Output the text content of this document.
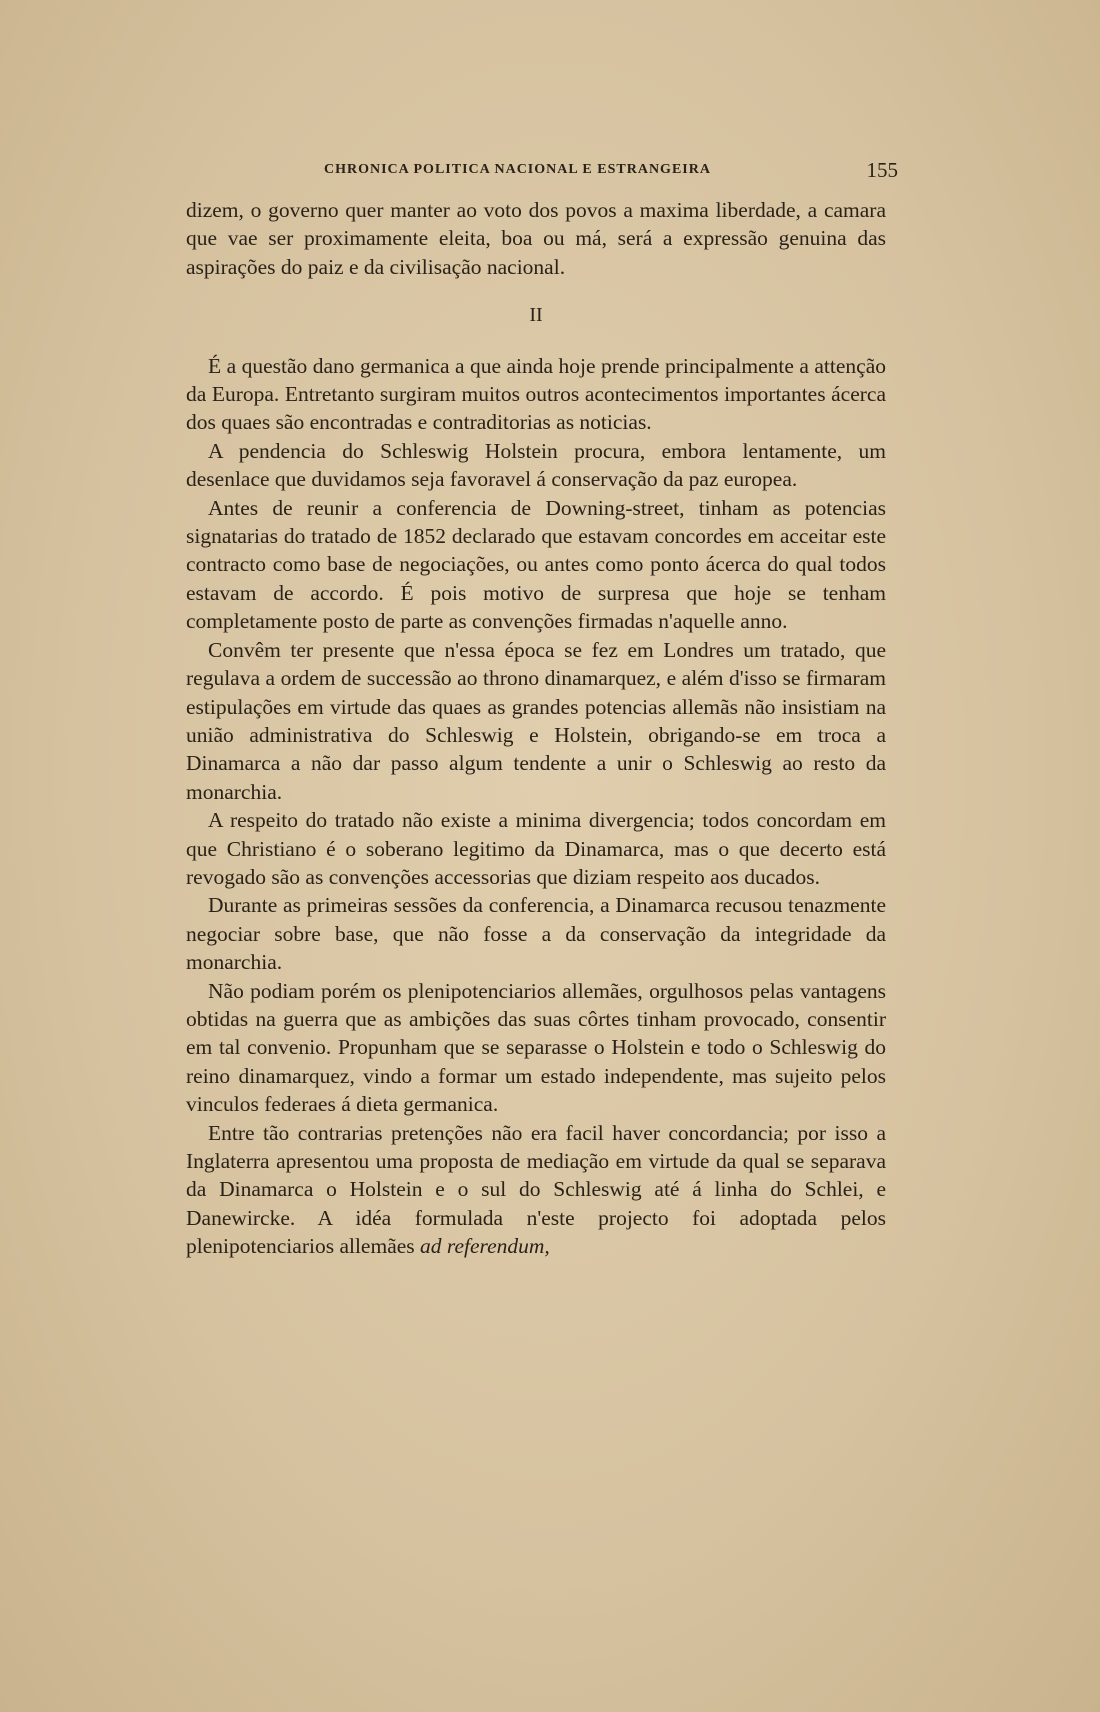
CHRONICA POLITICA NACIONAL E ESTRANGEIRA	155

dizem, o governo quer manter ao voto dos povos a maxima liberdade, a camara que vae ser proximamente eleita, boa ou má, será a expressão genuina das aspirações do paiz e da civilisação nacional.

II

É a questão dano germanica a que ainda hoje prende principalmente a attenção da Europa. Entretanto surgiram muitos outros acontecimentos importantes ácerca dos quaes são encontradas e contraditorias as noticias.

A pendencia do Schleswig Holstein procura, embora lentamente, um desenlace que duvidamos seja favoravel á conservação da paz europea.

Antes de reunir a conferencia de Downing-street, tinham as potencias signatarias do tratado de 1852 declarado que estavam concordes em acceitar este contracto como base de negociações, ou antes como ponto ácerca do qual todos estavam de accordo. É pois motivo de surpresa que hoje se tenham completamente posto de parte as convenções firmadas n'aquelle anno.

Convêm ter presente que n'essa época se fez em Londres um tratado, que regulava a ordem de successão ao throno dinamarquez, e além d'isso se firmaram estipulações em virtude das quaes as grandes potencias allemãs não insistiam na união administrativa do Schleswig e Holstein, obrigando-se em troca a Dinamarca a não dar passo algum tendente a unir o Schleswig ao resto da monarchia.

A respeito do tratado não existe a minima divergencia; todos concordam em que Christiano é o soberano legitimo da Dinamarca, mas o que decerto está revogado são as convenções accessorias que diziam respeito aos ducados.

Durante as primeiras sessões da conferencia, a Dinamarca recusou tenazmente negociar sobre base, que não fosse a da conservação da integridade da monarchia.

Não podiam porém os plenipotenciarios allemães, orgulhosos pelas vantagens obtidas na guerra que as ambições das suas côrtes tinham provocado, consentir em tal convenio. Propunham que se separasse o Holstein e todo o Schleswig do reino dinamarquez, vindo a formar um estado independente, mas sujeito pelos vinculos federaes á dieta germanica.

Entre tão contrarias pretenções não era facil haver concordancia; por isso a Inglaterra apresentou uma proposta de mediação em virtude da qual se separava da Dinamarca o Holstein e o sul do Schleswig até á linha do Schlei, e Danewircke. A idéa formulada n'este projecto foi adoptada pelos plenipotenciarios allemães ad referendum,
